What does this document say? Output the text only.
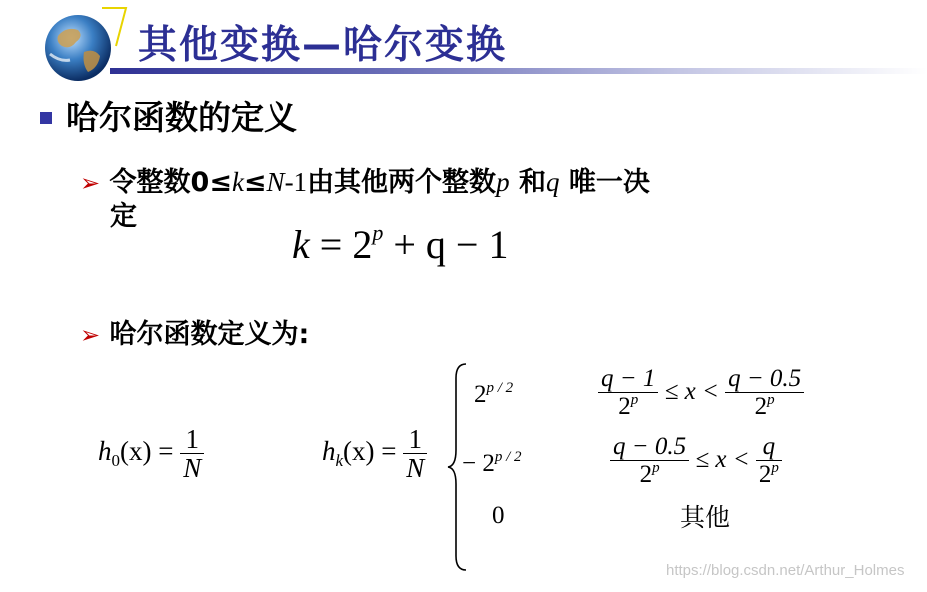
其他变换—哈尔变换
哈尔函数的定义
➢ 令整数0≤k≤N-1由其他两个整数p 和q 唯一决
定
$k = 2^p + q - 1$
➢ 哈尔函数定义为:
$h_0(x) = \frac{1}{N}$	$h_k(x) = \frac{1}{N}$
$2^{p / 2}$
− $2^{p / 2}$
0
$\frac{q - 1}{2^p} \le x < \frac{q - 0.5}{2^p}$
$\frac{q - 0.5}{2^p} \le x < \frac{q}{2^p}$
其他
https://blog.csdn.net/Arthur_Holmes
